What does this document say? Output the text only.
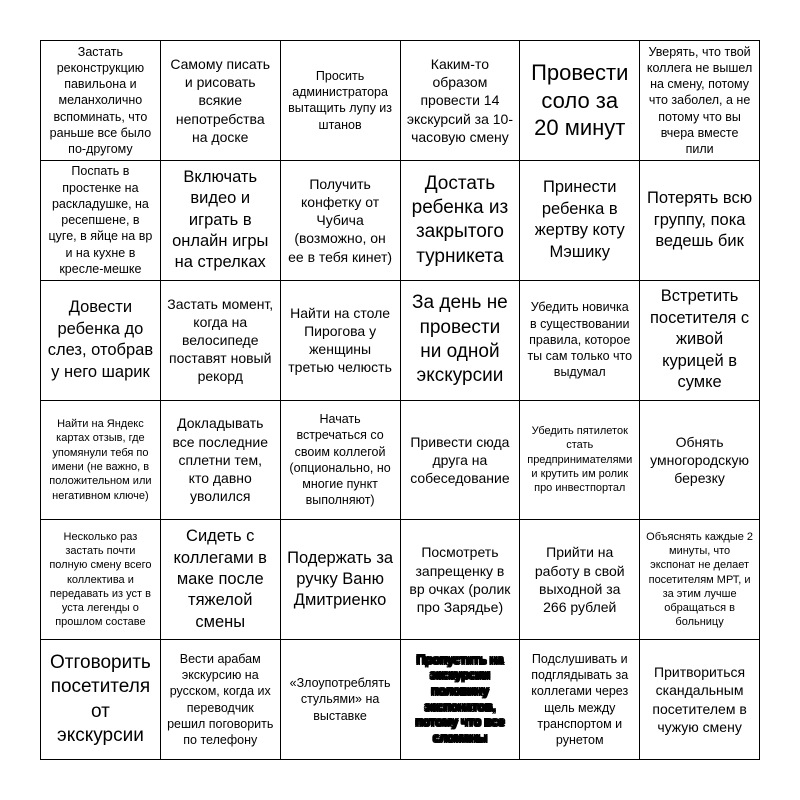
Застать реконструкцию павильона и меланхолично вспоминать, что раньше все было по-другому
Самому писать и рисовать всякие непотребства на доске
Просить администратора вытащить лупу из штанов
Каким-то образом провести 14 экскурсий за 10-часовую смену
Провести соло за 20 минут
Уверять, что твой коллега не вышел на смену, потому что заболел, а не потому что вы вчера вместе пили
Поспать в простенке на раскладушке, на ресепшене, в цуге, в яйце на вр и на кухне в кресле-мешке
Включать видео и играть в онлайн игры на стрелках
Получить конфетку от Чубича (возможно, он ее в тебя кинет)
Достать ребенка из закрытого турникета
Принести ребенка в жертву коту Мэшику
Потерять всю группу, пока ведешь бик
Довести ребенка до слез, отобрав у него шарик
Застать момент, когда на велосипеде поставят новый рекорд
Найти на столе Пирогова у женщины третью челюсть
За день не провести ни одной экскурсии
Убедить новичка в существовании правила, которое ты сам только что выдумал
Встретить посетителя с живой курицей в сумке
Найти на Яндекс картах отзыв, где упомянули тебя по имени (не важно, в положительном или негативном ключе)
Докладывать все последние сплетни тем, кто давно уволился
Начать встречаться со своим коллегой (опционально, но многие пункт выполняют)
Привести сюда друга на собеседование
Убедить пятилеток стать предпринимателями и крутить им ролик про инвестпортал
Обнять умногородскую березку
Несколько раз застать почти полную смену всего коллектива и передавать из уст в уста легенды о прошлом составе
Сидеть с коллегами в маке после тяжелой смены
Подержать за ручку Ваню Дмитриенко
Посмотреть запрещенку в вр очках (ролик про Зарядье)
Прийти на работу в свой выходной за 266 рублей
Объяснять каждые 2 минуты, что экспонат не делает посетителям МРТ, и за этим лучше обращаться в больницу
Отговорить посетителя от экскурсии
Вести арабам экскурсию на русском, когда их переводчик решил поговорить по телефону
«Злоупотреблять стульями» на выставке
Пропустить на экскурсии половину экспонатов, потому что все сломаны
Подслушивать и подглядывать за коллегами через щель между транспортом и рунетом
Притвориться скандальным посетителем в чужую смену
